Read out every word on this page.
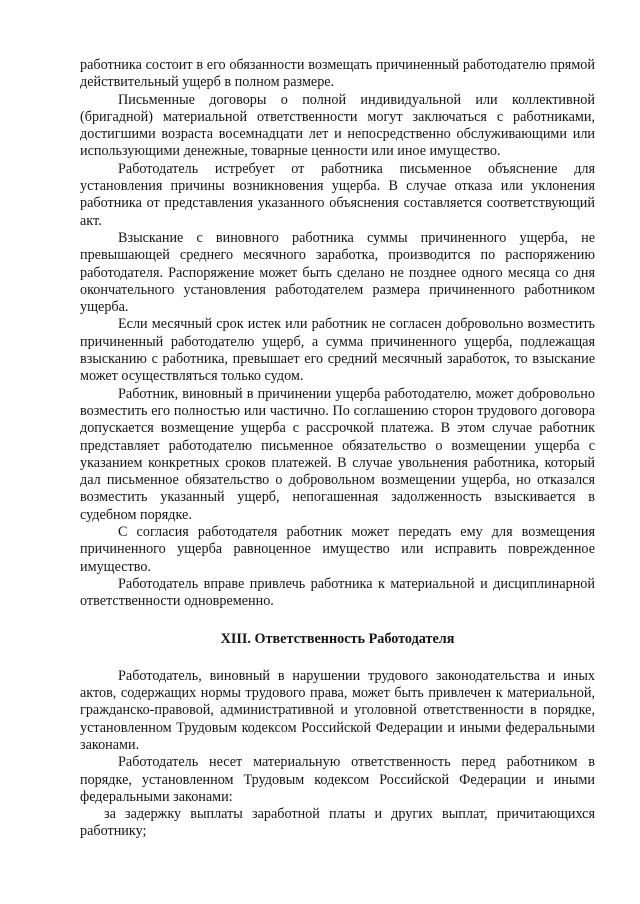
работника состоит в его обязанности возмещать причиненный работодателю прямой действительный ущерб в полном размере.

Письменные договоры о полной индивидуальной или коллективной (бригадной) материальной ответственности могут заключаться с работниками, достигшими возраста восемнадцати лет и непосредственно обслуживающими или использующими денежные, товарные ценности или иное имущество.

Работодатель истребует от работника письменное объяснение для установления причины возникновения ущерба. В случае отказа или уклонения работника от представления указанного объяснения составляется соответствующий акт.

Взыскание с виновного работника суммы причиненного ущерба, не превышающей среднего месячного заработка, производится по распоряжению работодателя. Распоряжение может быть сделано не позднее одного месяца со дня окончательного установления работодателем размера причиненного работником ущерба.

Если месячный срок истек или работник не согласен добровольно возместить причиненный работодателю ущерб, а сумма причиненного ущерба, подлежащая взысканию с работника, превышает его средний месячный заработок, то взыскание может осуществляться только судом.

Работник, виновный в причинении ущерба работодателю, может добровольно возместить его полностью или частично. По соглашению сторон трудового договора допускается возмещение ущерба с рассрочкой платежа. В этом случае работник представляет работодателю письменное обязательство о возмещении ущерба с указанием конкретных сроков платежей. В случае увольнения работника, который дал письменное обязательство о добровольном возмещении ущерба, но отказался возместить указанный ущерб, непогашенная задолженность взыскивается в судебном порядке.

С согласия работодателя работник может передать ему для возмещения причиненного ущерба равноценное имущество или исправить поврежденное имущество.

Работодатель вправе привлечь работника к материальной и дисциплинарной ответственности одновременно.

XIII. Ответственность Работодателя

Работодатель, виновный в нарушении трудового законодательства и иных актов, содержащих нормы трудового права, может быть привлечен к материальной, гражданско-правовой, административной и уголовной ответственности в порядке, установленном Трудовым кодексом Российской Федерации и иными федеральными законами.

Работодатель несет материальную ответственность перед работником в порядке, установленном Трудовым кодексом Российской Федерации и иными федеральными законами:

за задержку выплаты заработной платы и других выплат, причитающихся работнику;
